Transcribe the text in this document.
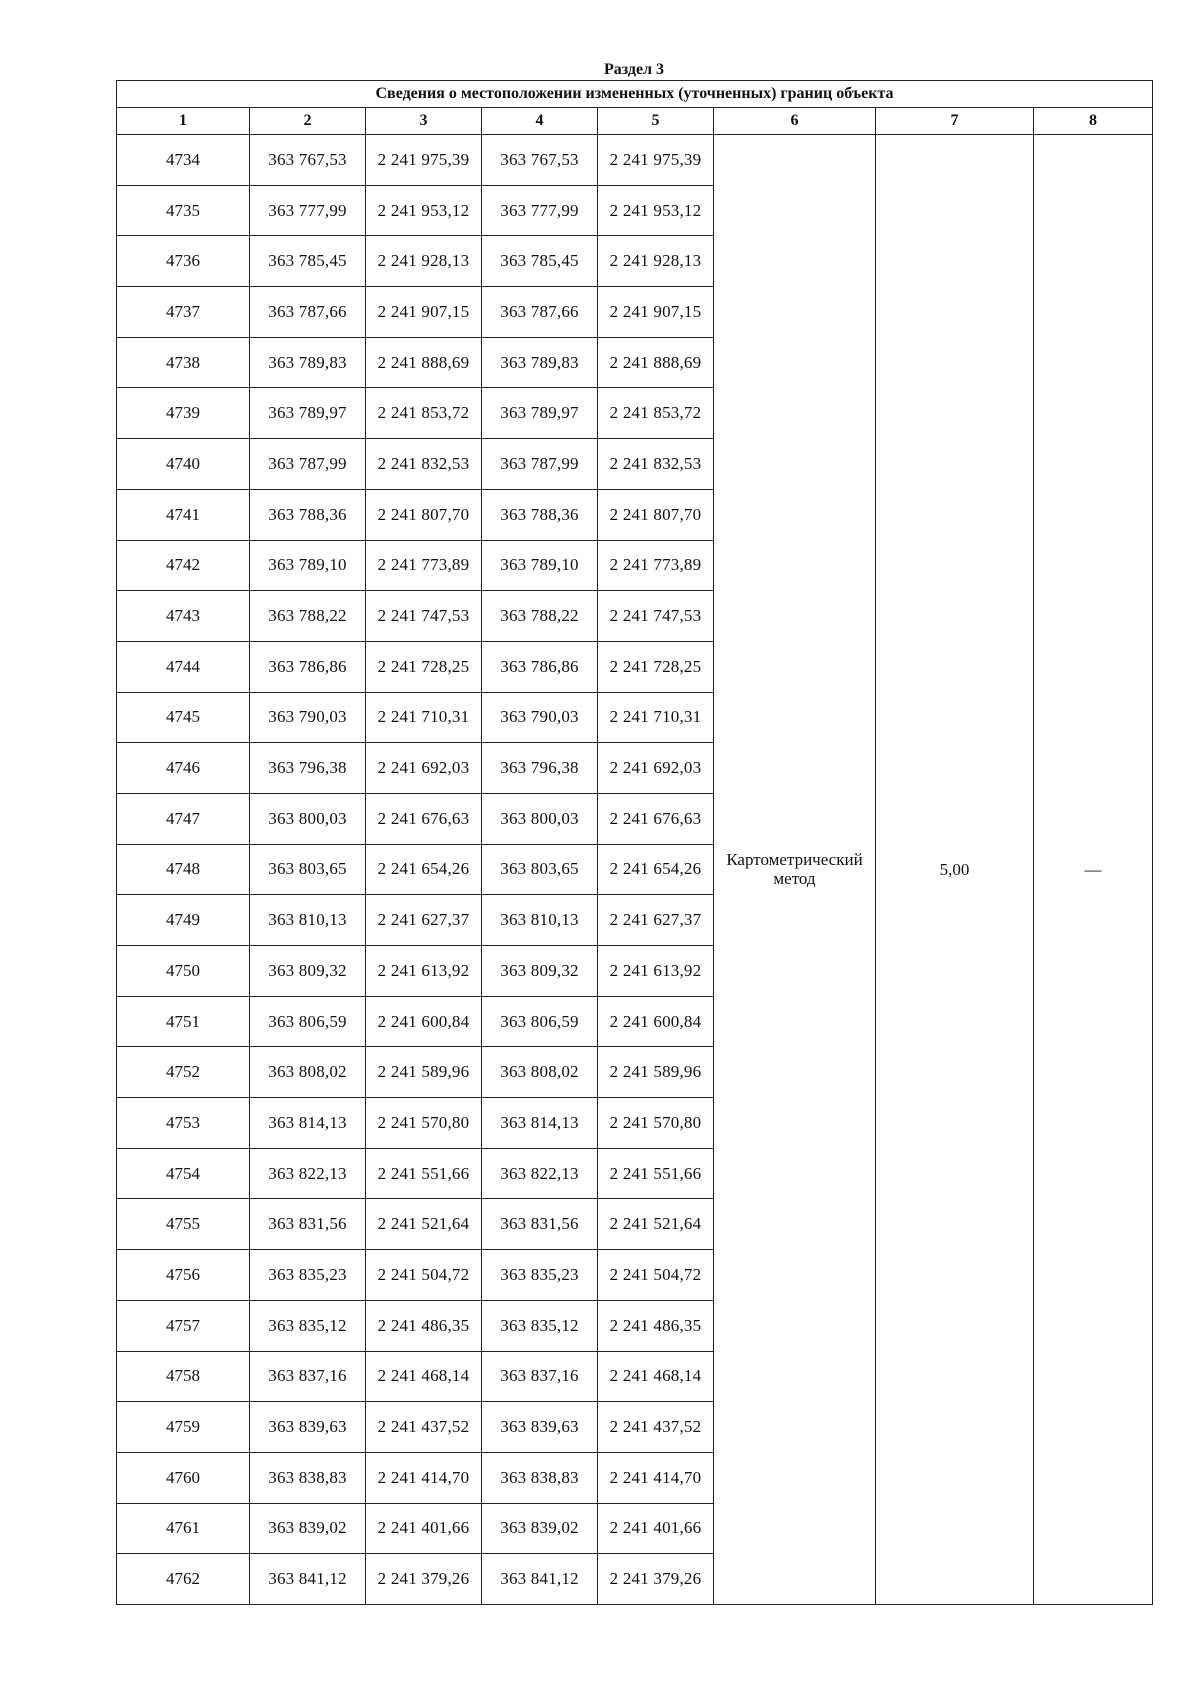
Раздел 3
Сведения о местоположении измененных (уточненных) границ объекта							
1	2	3	4	5	6	7	8
4734	363 767,53	2 241 975,39	363 767,53	2 241 975,39	Картометрический
метод	5,00	—
4735	363 777,99	2 241 953,12	363 777,99	2 241 953,12			
4736	363 785,45	2 241 928,13	363 785,45	2 241 928,13			
4737	363 787,66	2 241 907,15	363 787,66	2 241 907,15			
4738	363 789,83	2 241 888,69	363 789,83	2 241 888,69			
4739	363 789,97	2 241 853,72	363 789,97	2 241 853,72			
4740	363 787,99	2 241 832,53	363 787,99	2 241 832,53			
4741	363 788,36	2 241 807,70	363 788,36	2 241 807,70			
4742	363 789,10	2 241 773,89	363 789,10	2 241 773,89			
4743	363 788,22	2 241 747,53	363 788,22	2 241 747,53			
4744	363 786,86	2 241 728,25	363 786,86	2 241 728,25			
4745	363 790,03	2 241 710,31	363 790,03	2 241 710,31			
4746	363 796,38	2 241 692,03	363 796,38	2 241 692,03			
4747	363 800,03	2 241 676,63	363 800,03	2 241 676,63			
4748	363 803,65	2 241 654,26	363 803,65	2 241 654,26			
4749	363 810,13	2 241 627,37	363 810,13	2 241 627,37			
4750	363 809,32	2 241 613,92	363 809,32	2 241 613,92			
4751	363 806,59	2 241 600,84	363 806,59	2 241 600,84			
4752	363 808,02	2 241 589,96	363 808,02	2 241 589,96			
4753	363 814,13	2 241 570,80	363 814,13	2 241 570,80			
4754	363 822,13	2 241 551,66	363 822,13	2 241 551,66			
4755	363 831,56	2 241 521,64	363 831,56	2 241 521,64			
4756	363 835,23	2 241 504,72	363 835,23	2 241 504,72			
4757	363 835,12	2 241 486,35	363 835,12	2 241 486,35			
4758	363 837,16	2 241 468,14	363 837,16	2 241 468,14			
4759	363 839,63	2 241 437,52	363 839,63	2 241 437,52			
4760	363 838,83	2 241 414,70	363 838,83	2 241 414,70			
4761	363 839,02	2 241 401,66	363 839,02	2 241 401,66			
4762	363 841,12	2 241 379,26	363 841,12	2 241 379,26			
